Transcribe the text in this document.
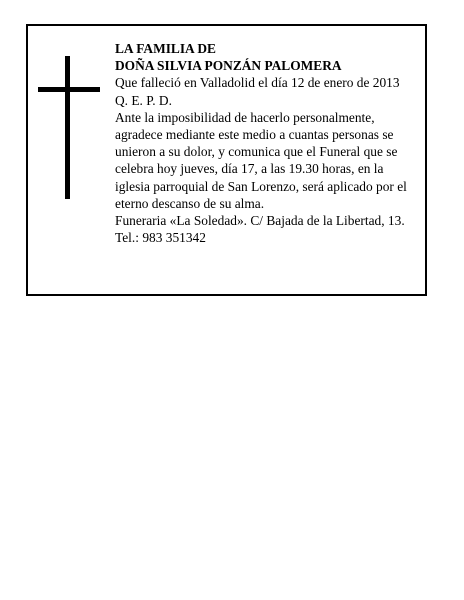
LA FAMILIA DE
DOÑA SILVIA PONZÁN PALOMERA
Que falleció en Valladolid el día 12 de enero de 2013
Q. E. P. D.
Ante la imposibilidad de hacerlo personalmente, agradece mediante este medio a cuantas personas se unieron a su dolor, y comunica que el Funeral que se celebra hoy jueves, día 17, a las 19.30 horas, en la iglesia parroquial de San Lorenzo, será aplicado por el eterno descanso de su alma.
Funeraria «La Soledad». C/ Bajada de la Libertad, 13.
Tel.: 983 351342
